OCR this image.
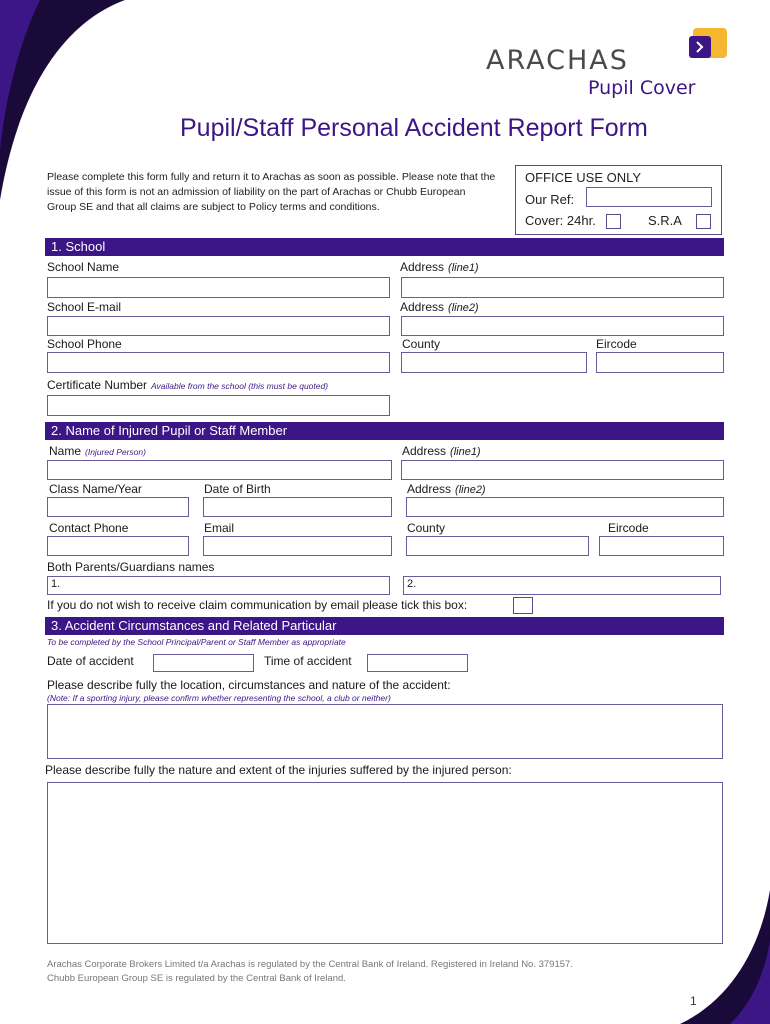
ARACHAS
Pupil Cover
Pupil/Staff Personal Accident Report Form
Please complete this form fully and return it to Arachas as soon as possible. Please note that the issue of this form is not an admission of liability on the part of Arachas or Chubb European Group SE and that all claims are subject to Policy terms and conditions.
OFFICE USE ONLY
Our Ref:
Cover: 24hr.	S.R.A
1. School
School Name	Address (line1)
School E-mail	Address (line2)
School Phone	County	Eircode
Certificate Number Available from the school (this must be quoted)
2. Name of Injured Pupil or Staff Member
Name (Injured Person)	Address (line1)
Class Name/Year	Date of Birth	Address (line2)
Contact Phone	Email	County	Eircode
Both Parents/Guardians names
1.	2.
If you do not wish to receive claim communication by email please tick this box:
3. Accident Circumstances and Related Particular
To be completed by the School Principal/Parent or Staff Member as appropriate
Date of accident	Time of accident
Please describe fully the location, circumstances and nature of the accident:
(Note: If a sporting injury, please confirm whether representing the school, a club or neither)
Please describe fully the nature and extent of the injuries suffered by the injured person:
Arachas Corporate Brokers Limited t/a Arachas is regulated by the Central Bank of Ireland. Registered in Ireland No. 379157.
Chubb European Group SE is regulated by the Central Bank of Ireland.
1
